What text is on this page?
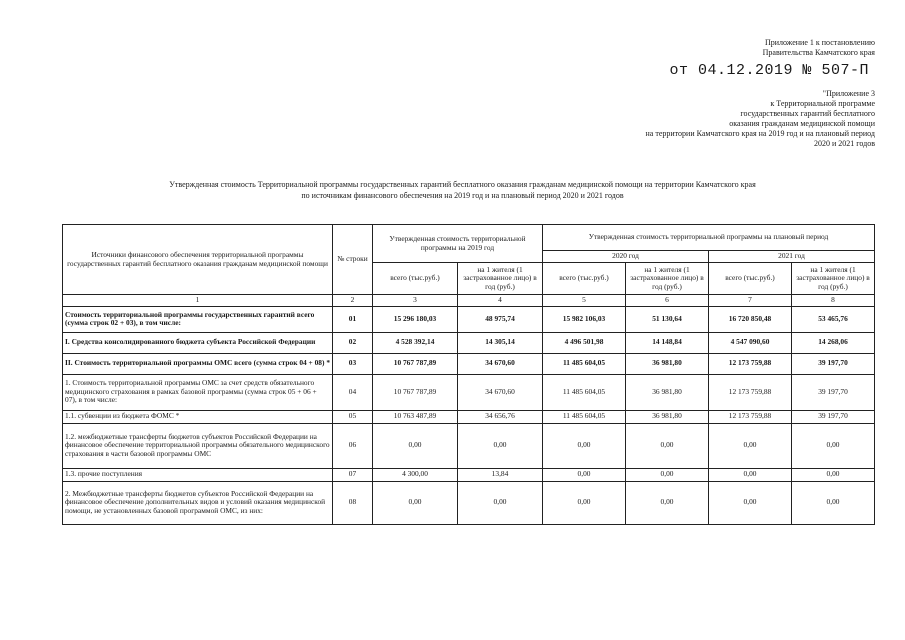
Приложение 1 к постановлению
Правительства Камчатского края
от 04.12.2019 № 507-П
"Приложение 3
к Территориальной программе
государственных гарантий бесплатного
оказания гражданам медицинской помощи
на территории Камчатского края на 2019 год и на плановый период
2020 и 2021 годов
Утвержденная стоимость Территориальной программы государственных гарантий бесплатного оказания гражданам медицинской помощи на территории Камчатского края
по источникам финансового обеспечения на 2019 год и на плановый период 2020 и 2021 годов
Источники финансового обеспечения территориальной программы государственных гарантий бесплатного оказания гражданам медицинской помощи	№ строки	Утвержденная стоимость территориальной программы на 2019 год		Утвержденная стоимость территориальной программы на плановый период			
				2020 год		2021 год	
		всего (тыс.руб.)	на 1 жителя (1 застрахованное лицо) в год (руб.)	всего (тыс.руб.)	на 1 жителя (1 застрахованное лицо) в год (руб.)	всего (тыс.руб.)	на 1 жителя (1 застрахованное лицо) в год (руб.)
1	2	3	4	5	6	7	8
Стоимость территориальной программы государственных гарантий всего (сумма строк 02 + 03), в том числе:	01	15 296 180,03	48 975,74	15 982 106,03	51 130,64	16 720 850,48	53 465,76
I. Средства консолидированного бюджета субъекта Российской Федерации	02	4 528 392,14	14 305,14	4 496 501,98	14 148,84	4 547 090,60	14 268,06
II. Стоимость территориальной программы ОМС всего (сумма строк 04 + 08) *	03	10 767 787,89	34 670,60	11 485 604,05	36 981,80	12 173 759,88	39 197,70
1. Стоимость территориальной программы ОМС за счет средств обязательного медицинского страхования в рамках базовой программы (сумма строк 05 + 06 + 07), в том числе:	04	10 767 787,89	34 670,60	11 485 604,05	36 981,80	12 173 759,88	39 197,70
1.1. субвенции из бюджета ФОМС *	05	10 763 487,89	34 656,76	11 485 604,05	36 981,80	12 173 759,88	39 197,70
1.2. межбюджетные трансферты бюджетов субъектов Российской Федерации на финансовое обеспечение территориальной программы обязательного медицинского страхования в части базовой программы ОМС	06	0,00	0,00	0,00	0,00	0,00	0,00
1.3. прочие поступления	07	4 300,00	13,84	0,00	0,00	0,00	0,00
2. Межбюджетные трансферты бюджетов субъектов Российской Федерации на финансовое обеспечение дополнительных видов и условий оказания медицинской помощи, не установленных базовой программой ОМС, из них:	08	0,00	0,00	0,00	0,00	0,00	0,00
